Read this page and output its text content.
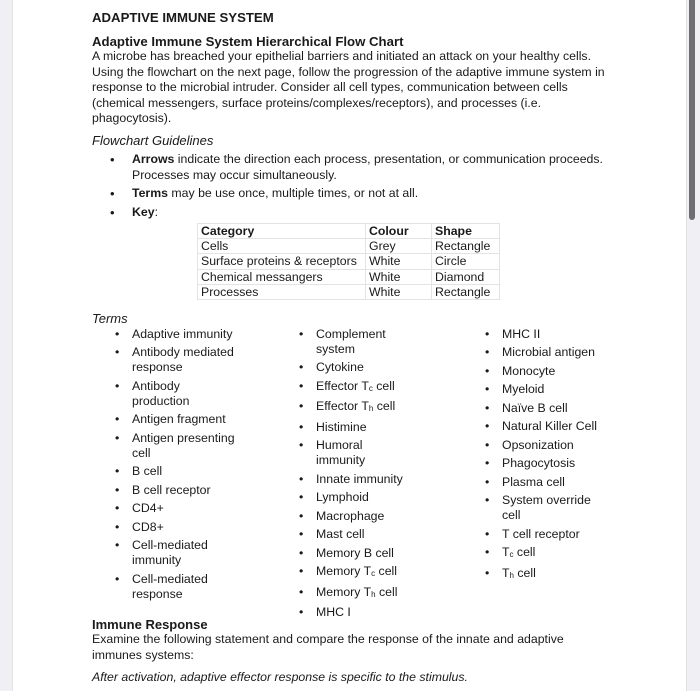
ADAPTIVE IMMUNE SYSTEM
Adaptive Immune System Hierarchical Flow Chart

A microbe has breached your epithelial barriers and initiated an attack on your healthy cells. Using the flowchart on the next page, follow the progression of the adaptive immune system in response to the microbial intruder. Consider all cell types, communication between cells (chemical messengers, surface proteins/complexes/receptors), and processes (i.e. phagocytosis).

Flowchart Guidelines
• Arrows indicate the direction each process, presentation, or communication proceeds. Processes may occur simultaneously.
• Terms may be use once, multiple times, or not at all.
• Key:
Category	Colour	Shape
Cells	Grey	Rectangle
Surface proteins & receptors	White	Circle
Chemical messangers	White	Diamond
Processes	White	Rectangle
Terms
• Adaptive immunity
• Antibody mediated response
• Antibody production
• Antigen fragment
• Antigen presenting cell
• B cell
• B cell receptor
• CD4+
• CD8+
• Cell-mediated immunity
• Cell-mediated response
• Complement system
• Cytokine
• Effector Tc cell
• Effector Th cell
• Histimine
• Humoral immunity
• Innate immunity
• Lymphoid
• Macrophage
• Mast cell
• Memory B cell
• Memory Tc cell
• Memory Th cell
• MHC I
• MHC II
• Microbial antigen
• Monocyte
• Myeloid
• Naïve B cell
• Natural Killer Cell
• Opsonization
• Phagocytosis
• Plasma cell
• System override cell
• T cell receptor
• Tc cell
• Th cell
Immune Response

Examine the following statement and compare the response of the innate and adaptive immunes systems:

After activation, adaptive effector response is specific to the stimulus.
